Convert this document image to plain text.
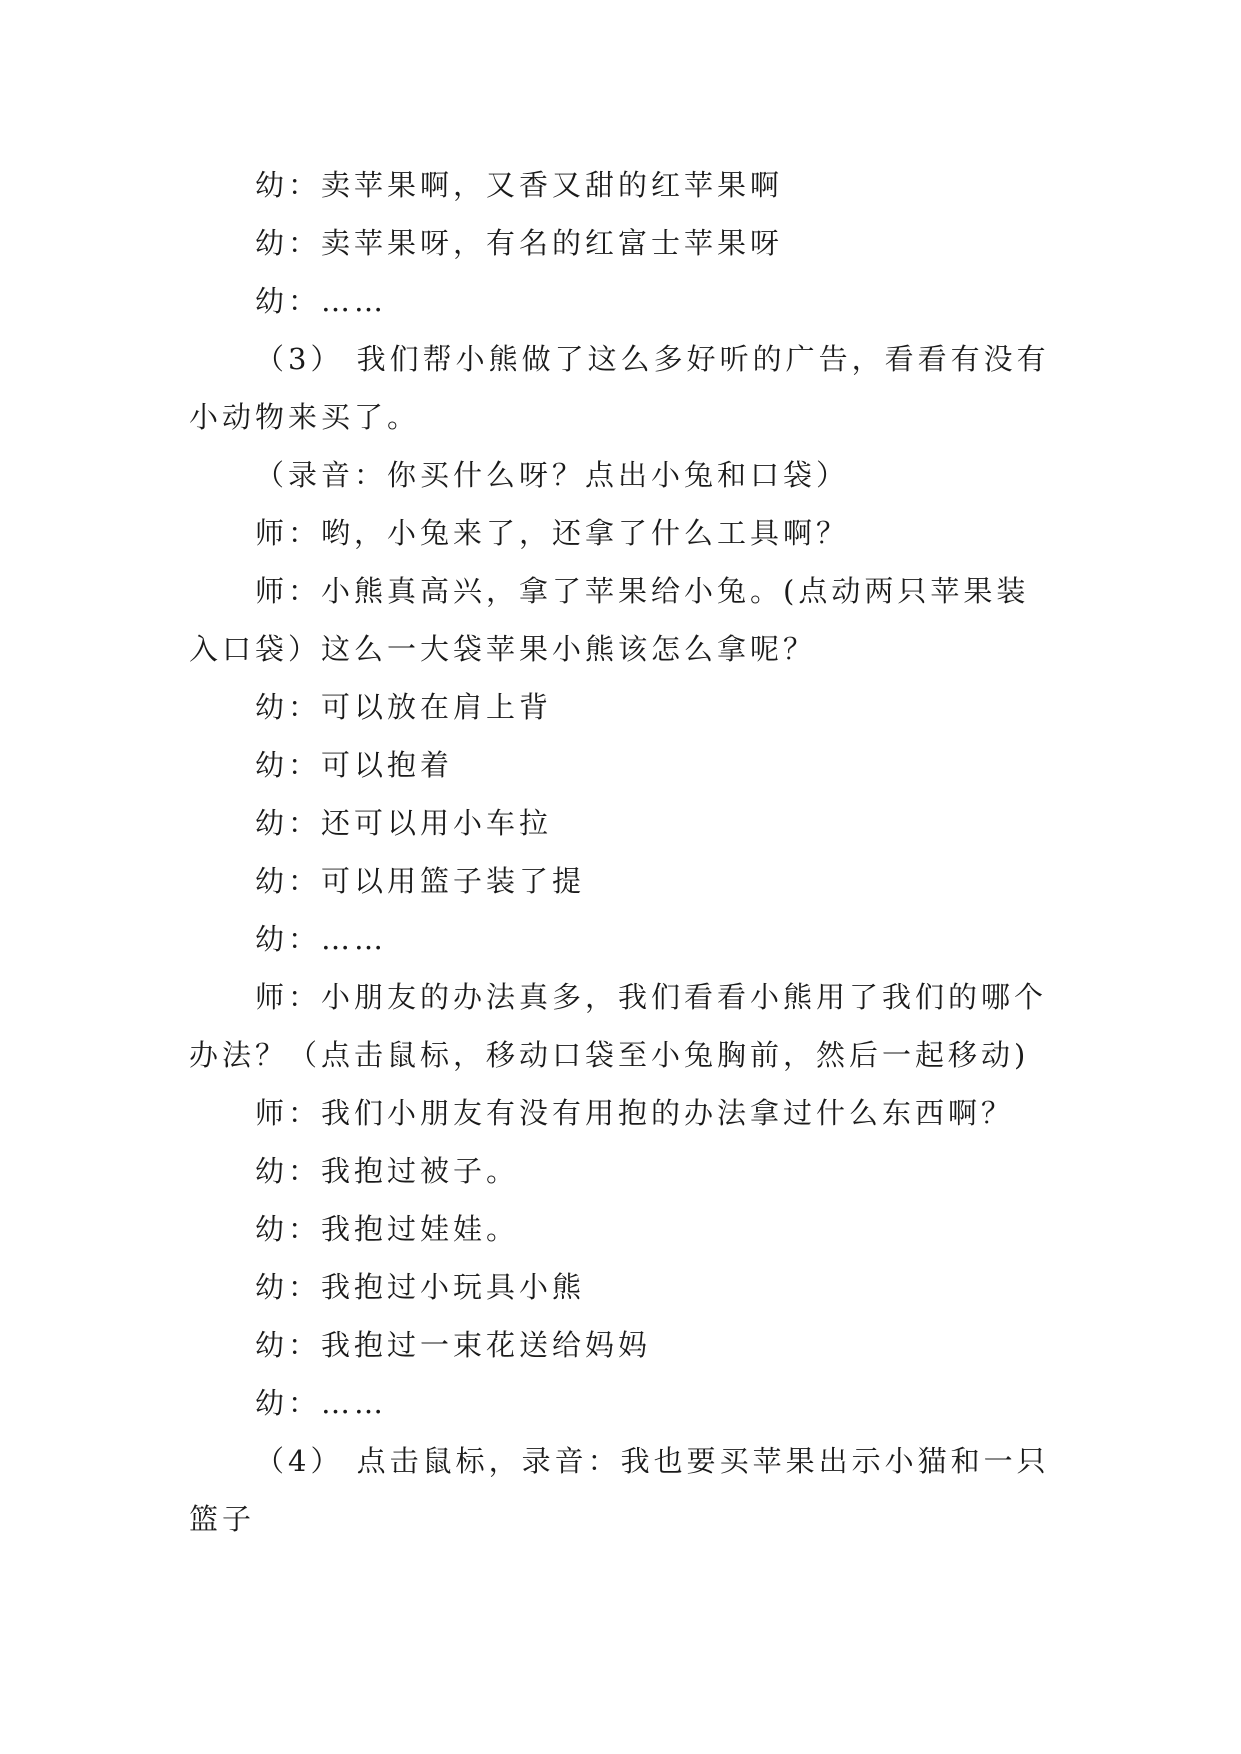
幼：卖苹果啊，又香又甜的红苹果啊
幼：卖苹果呀，有名的红富士苹果呀
幼：……
（3） 我们帮小熊做了这么多好听的广告，看看有没有
小动物来买了。
（录音：你买什么呀？点出小兔和口袋）
师：哟，小兔来了，还拿了什么工具啊？
师：小熊真高兴，拿了苹果给小兔。(点动两只苹果装
入口袋）这么一大袋苹果小熊该怎么拿呢？
幼：可以放在肩上背
幼：可以抱着
幼：还可以用小车拉
幼：可以用篮子装了提
幼：……
师：小朋友的办法真多，我们看看小熊用了我们的哪个
办法？（点击鼠标，移动口袋至小兔胸前，然后一起移动)
师：我们小朋友有没有用抱的办法拿过什么东西啊？
幼：我抱过被子。
幼：我抱过娃娃。
幼：我抱过小玩具小熊
幼：我抱过一束花送给妈妈
幼：……
（4） 点击鼠标，录音：我也要买苹果出示小猫和一只
篮子
